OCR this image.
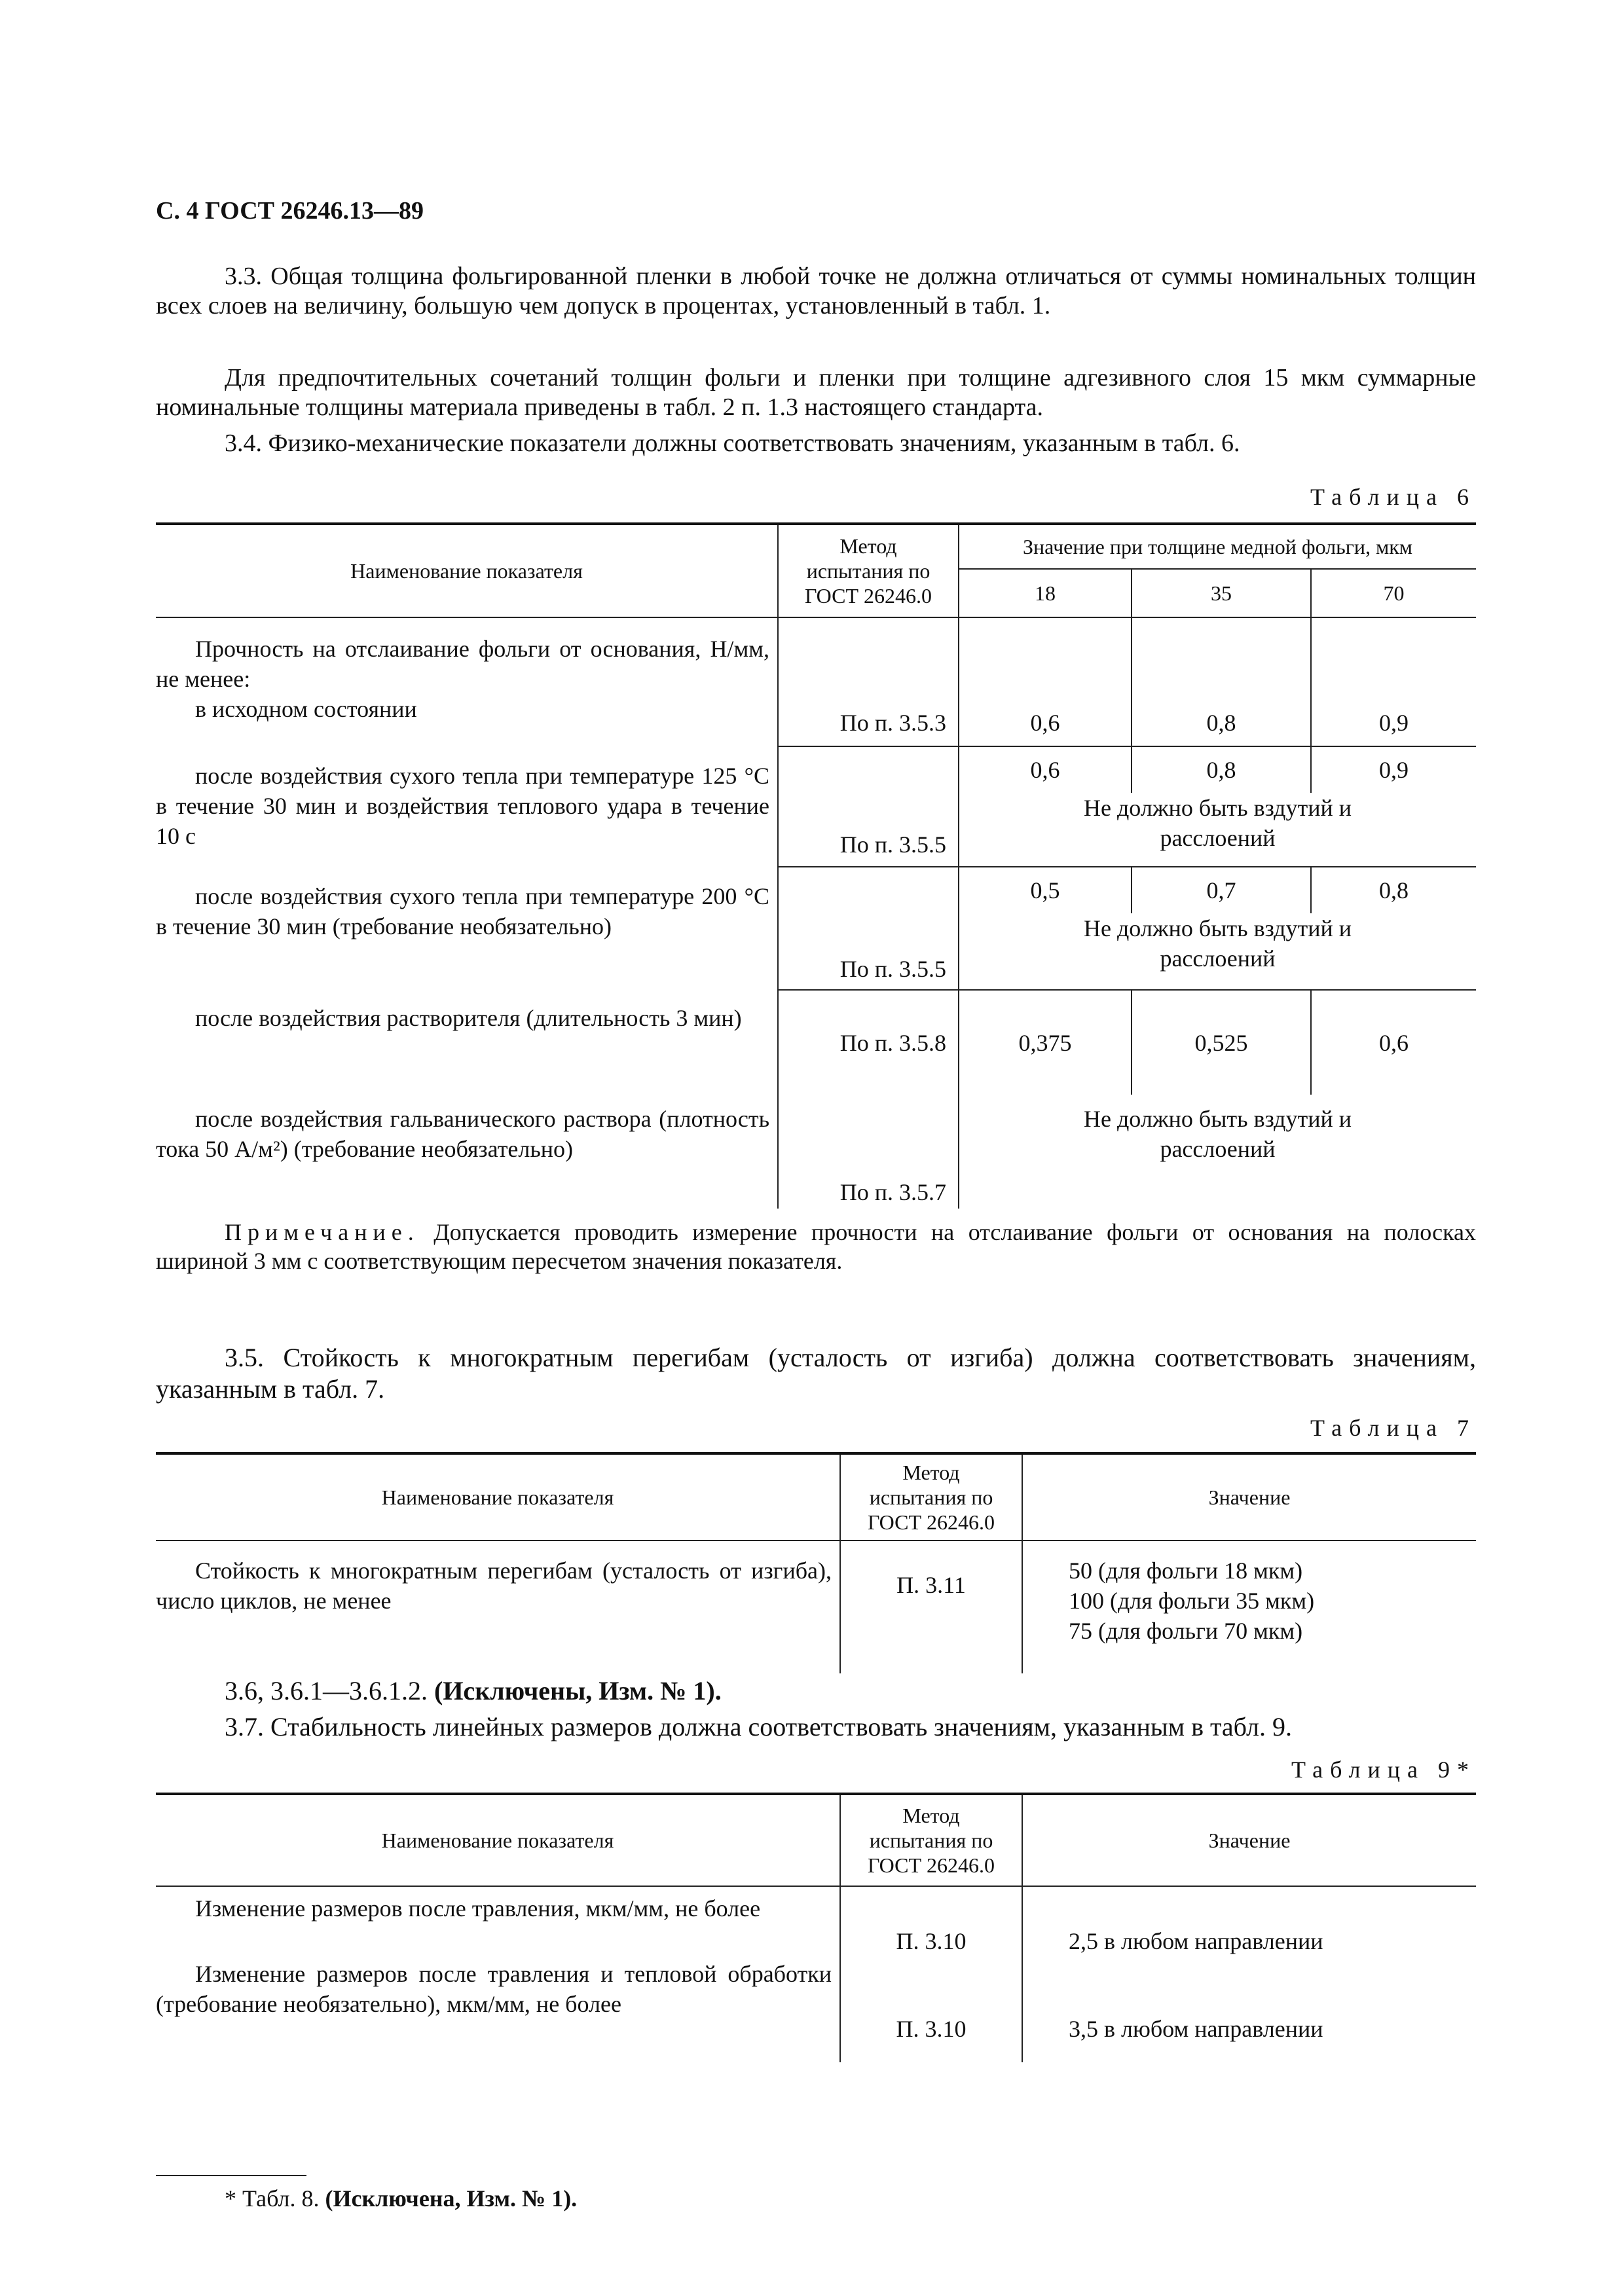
С. 4 ГОСТ 26246.13—89

3.3. Общая толщина фольгированной пленки в любой точке не должна отличаться от суммы номинальных толщин всех слоев на величину, большую чем допуск в процентах, установленный в табл. 1.

Для предпочтительных сочетаний толщин фольги и пленки при толщине адгезивного слоя 15 мкм суммарные номинальные толщины материала приведены в табл. 2 п. 1.3 настоящего стандарта.

3.4. Физико-механические показатели должны соответствовать значениям, указанным в табл. 6.

Таблица 6
Наименование показателя	Метод испытания по ГОСТ 26246.0	Значение при толщине медной фольги, мкм		
		18	35	70

Прочность на отслаивание фольги от основания, Н/мм, не менее:
в исходном состоянии	По п. 3.5.3	0,6	0,8	0,9

после воздействия сухого тепла при температуре 125 °С в течение 30 мин и воздействия теплового удара в течение 10 с	По п. 3.5.5	0,6	0,8	0,9
		Не должно быть вздутий и расслоений		

после воздействия сухого тепла при температуре 200 °С в течение 30 мин (требование необязательно)	По п. 3.5.5	0,5	0,7	0,8
		Не должно быть вздутий и расслоений		

после воздействия растворителя (длительность 3 мин)	По п. 3.5.8	0,375	0,525	0,6

после воздействия гальванического раствора (плотность тока 50 А/м²) (требование необязательно)	По п. 3.5.7	Не должно быть вздутий и расслоений		

Примечание. Допускается проводить измерение прочности на отслаивание фольги от основания на полосках шириной 3 мм с соответствующим пересчетом значения показателя.

3.5. Стойкость к многократным перегибам (усталость от изгиба) должна соответствовать значениям, указанным в табл. 7.

Таблица 7
Наименование показателя	Метод испытания по ГОСТ 26246.0	Значение

Стойкость к многократным перегибам (усталость от изгиба), число циклов, не менее	П. 3.11	50 (для фольги 18 мкм)
100 (для фольги 35 мкм)
75 (для фольги 70 мкм)

3.6, 3.6.1—3.6.1.2. (Исключены, Изм. № 1).

3.7. Стабильность линейных размеров должна соответствовать значениям, указанным в табл. 9.

Таблица 9*
Наименование показателя	Метод испытания по ГОСТ 26246.0	Значение

Изменение размеров после травления, мкм/мм, не более	П. 3.10	2,5 в любом направлении

Изменение размеров после травления и тепловой обработки (требование необязательно), мкм/мм, не более	П. 3.10	3,5 в любом направлении
* Табл. 8. (Исключена, Изм. № 1).
